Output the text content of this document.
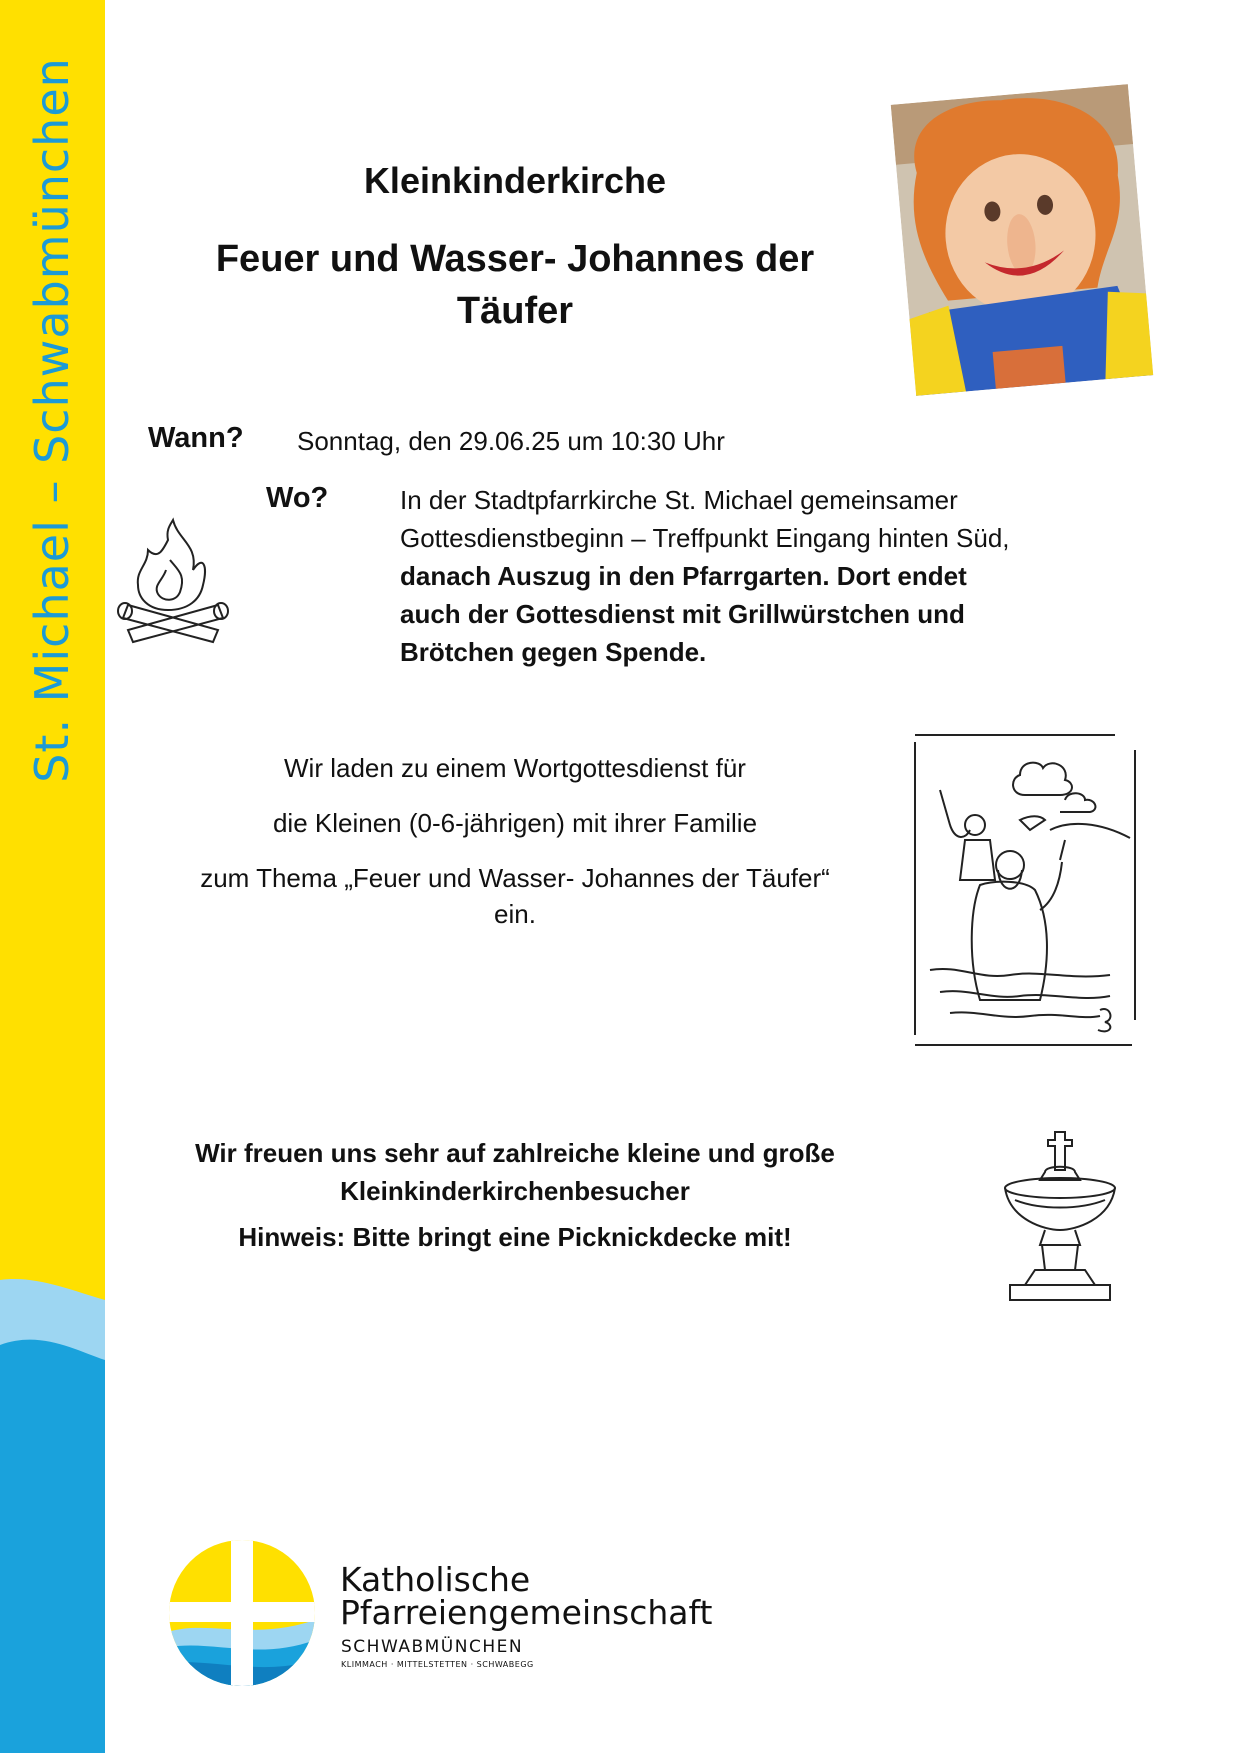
St. Michael – Schwabmünchen	Kleinkinderkirche
Feuer und Wasser- Johannes der
Täufer
Wann? Sonntag, den 29.06.25 um 10:30 Uhr
Wo?	In der Stadtpfarrkirche St. Michael gemeinsamer
Gottesdienstbeginn – Treffpunkt Eingang hinten Süd,
danach Auszug in den Pfarrgarten. Dort endet
auch der Gottesdienst mit Grillwürstchen und
Brötchen gegen Spende.
Wir laden zu einem Wortgottesdienst für
die Kleinen (0-6-jährigen) mit ihrer Familie
zum Thema „Feuer und Wasser- Johannes der Täufer“
ein.
Wir freuen uns sehr auf zahlreiche kleine und große
Kleinkinderkirchenbesucher
Hinweis: Bitte bringt eine Picknickdecke mit!
Katholische
Pfarreiengemeinschaft
SCHWABMÜNCHEN
KLIMMACH · MITTELSTETTEN · SCHWABEGG
